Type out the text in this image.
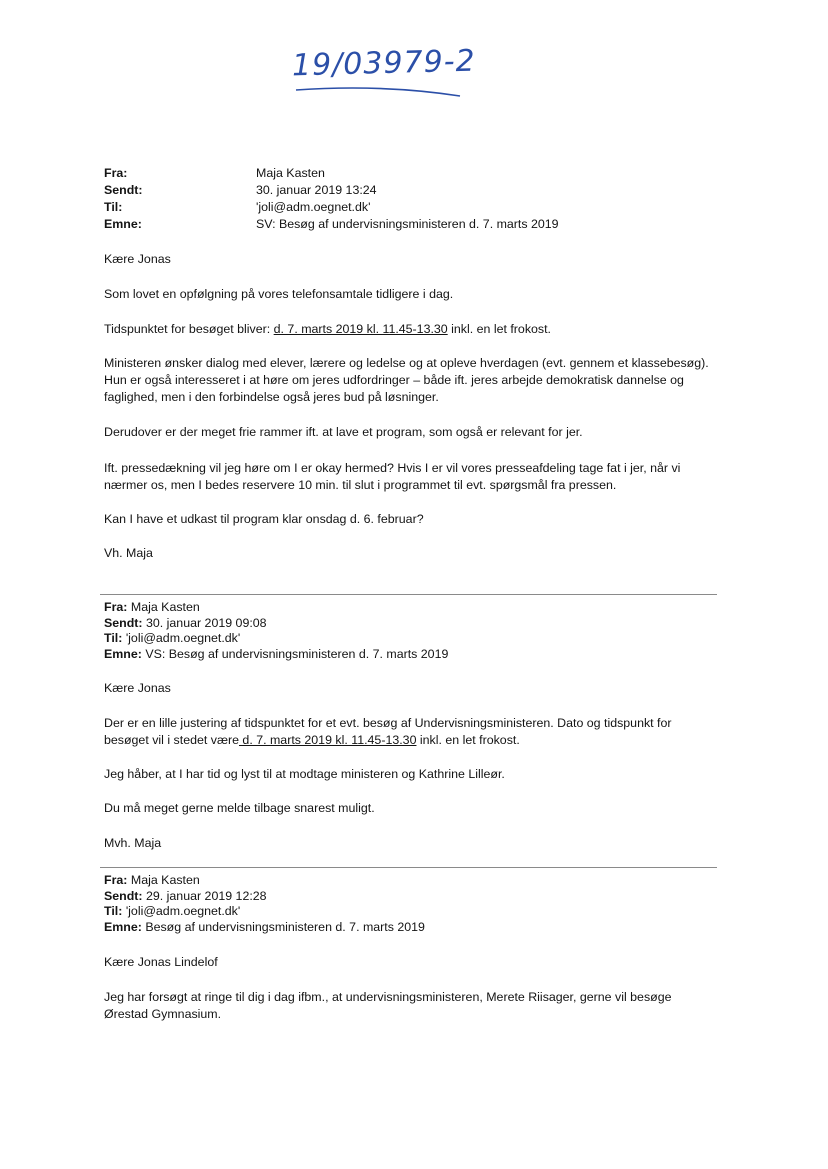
19/03979-2
Fra:	Maja Kasten
Sendt:	30. januar 2019 13:24
Til:	'joli@adm.oegnet.dk'
Emne:	SV: Besøg af undervisningsministeren d. 7. marts 2019
Kære Jonas
Som lovet en opfølgning på vores telefonsamtale tidligere i dag.
Tidspunktet for besøget bliver: d. 7. marts 2019 kl. 11.45-13.30 inkl. en let frokost.
Ministeren ønsker dialog med elever, lærere og ledelse og at opleve hverdagen (evt. gennem et klassebesøg). Hun er også interesseret i at høre om jeres udfordringer – både ift. jeres arbejde demokratisk dannelse og faglighed, men i den forbindelse også jeres bud på løsninger.
Derudover er der meget frie rammer ift. at lave et program, som også er relevant for jer.
Ift. pressedækning vil jeg høre om I er okay hermed? Hvis I er vil vores presseafdeling tage fat i jer, når vi nærmer os, men I bedes reservere 10 min. til slut i programmet til evt. spørgsmål fra pressen.
Kan I have et udkast til program klar onsdag d. 6. februar?
Vh. Maja
Fra: Maja Kasten
Sendt: 30. januar 2019 09:08
Til: 'joli@adm.oegnet.dk'
Emne: VS: Besøg af undervisningsministeren d. 7. marts 2019
Kære Jonas
Der er en lille justering af tidspunktet for et evt. besøg af Undervisningsministeren. Dato og tidspunkt for besøget vil i stedet være d. 7. marts 2019 kl. 11.45-13.30 inkl. en let frokost.
Jeg håber, at I har tid og lyst til at modtage ministeren og Kathrine Lilleør.
Du må meget gerne melde tilbage snarest muligt.
Mvh. Maja
Fra: Maja Kasten
Sendt: 29. januar 2019 12:28
Til: 'joli@adm.oegnet.dk'
Emne: Besøg af undervisningsministeren d. 7. marts 2019
Kære Jonas Lindelof
Jeg har forsøgt at ringe til dig i dag ifbm., at undervisningsministeren, Merete Riisager, gerne vil besøge Ørestad Gymnasium.
